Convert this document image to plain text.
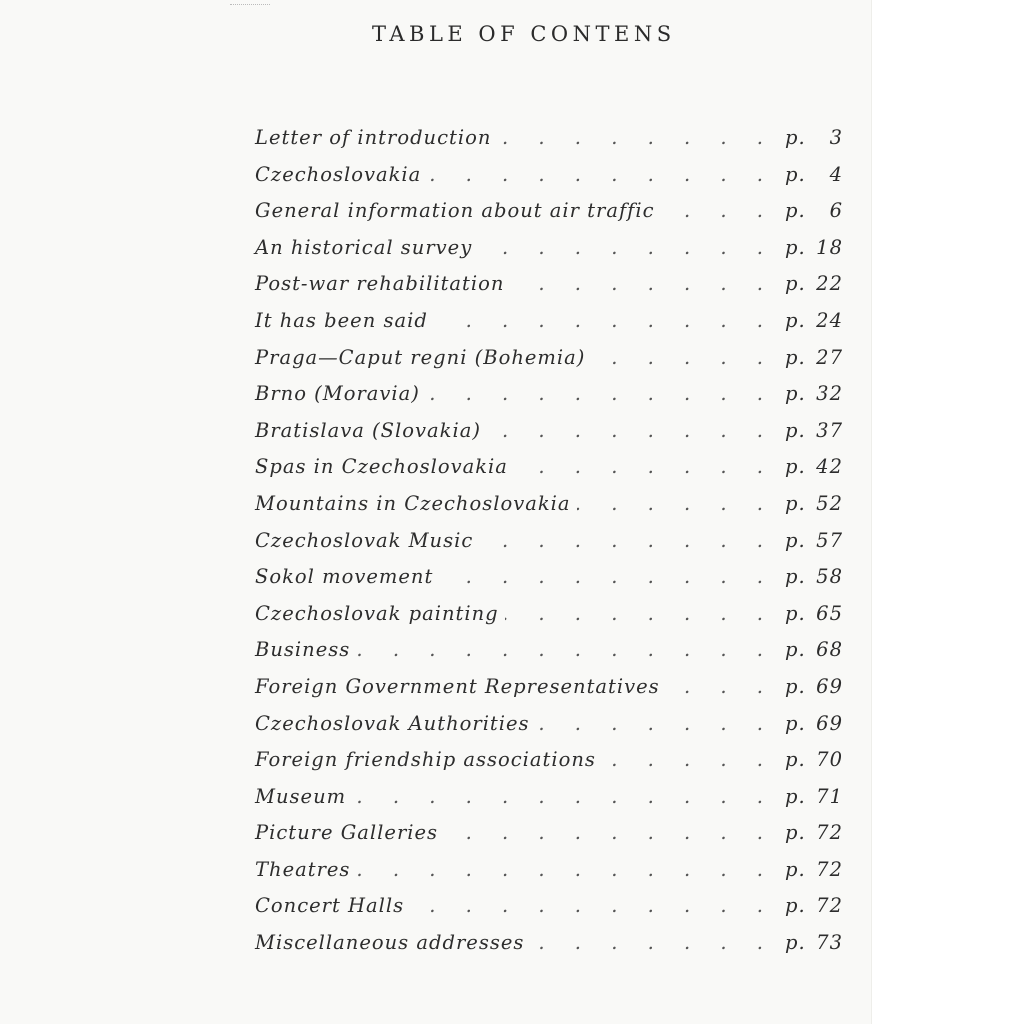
TABLE OF CONTENS
Letter of introduction . . .	p.	3
Czechoslovakia . . .	p.	4
General information about air traffic . . .	p.	6
An historical survey . . .	p. 18
Post-war rehabilitation . . .	p. 22
It has been said . . .	p. 24
Praga—Caput regni (Bohemia) . . .	p. 27
Brno (Moravia) . . .	p. 32
Bratislava (Slovakia) . . .	p. 37
Spas in Czechoslovakia . . .	p. 42
Mountains in Czechoslovakia . . .	p. 52
Czechoslovak Music . . .	p. 57
Sokol movement . . .	p. 58
Czechoslovak painting . . .	p. 65
Business . . .	p. 68
Foreign Government Representatives . . .	p. 69
Czechoslovak Authorities . . .	p. 69
Foreign friendship associations . . .	p. 70
Museum . . .	p. 71
Picture Galleries . . .	p. 72
Theatres . . .	p. 72
Concert Halls . . .	p. 72
Miscellaneous addresses . . .	p. 73
